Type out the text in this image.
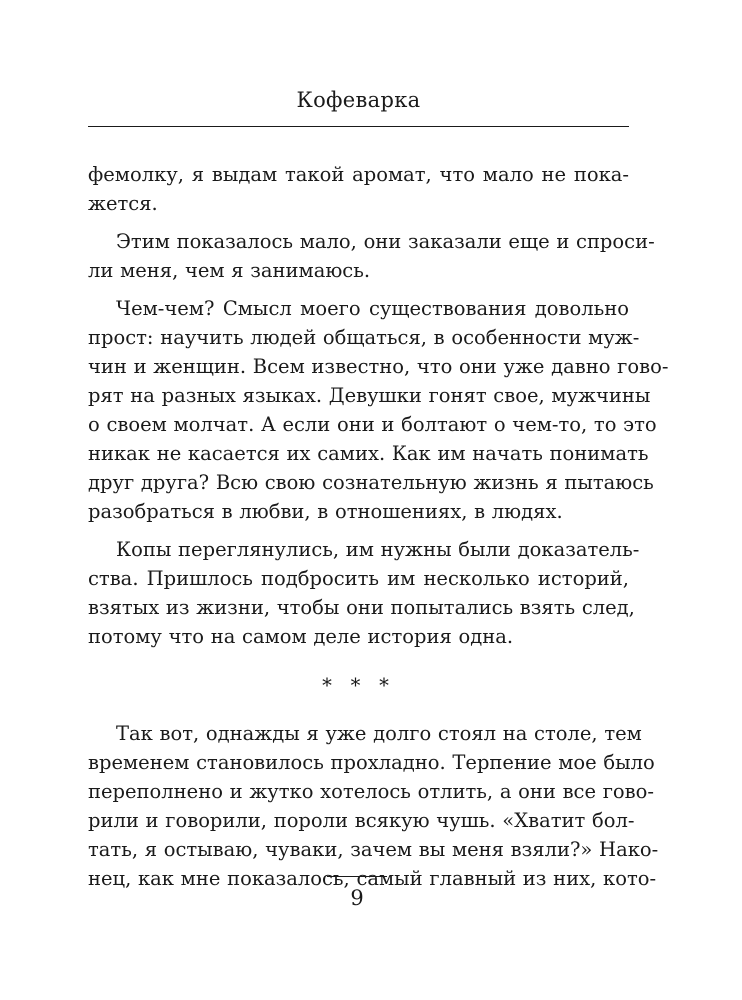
Кофеварка
фемолку, я выдам такой аромат, что мало не пока-
жется.
Этим показалось мало, они заказали еще и спроси-
ли меня, чем я занимаюсь.
Чем-чем? Смысл моего существования довольно
прост: научить людей общаться, в особенности муж-
чин и женщин. Всем известно, что они уже давно гово-
рят на разных языках. Девушки гонят свое, мужчины
о своем молчат. А если они и болтают о чем-то, то это
никак не касается их самих. Как им начать понимать
друг друга? Всю свою сознательную жизнь я пытаюсь
разобраться в любви, в отношениях, в людях.
Копы переглянулись, им нужны были доказатель-
ства. Пришлось подбросить им несколько историй,
взятых из жизни, чтобы они попытались взять след,
потому что на самом деле история одна.
* * *
Так вот, однажды я уже долго стоял на столе, тем
временем становилось прохладно. Терпение мое было
переполнено и жутко хотелось отлить, а они все гово-
рили и говорили, пороли всякую чушь. «Хватит бол-
тать, я остываю, чуваки, зачем вы меня взяли?» Нако-
нец, как мне показалось, самый главный из них, кото-
9
